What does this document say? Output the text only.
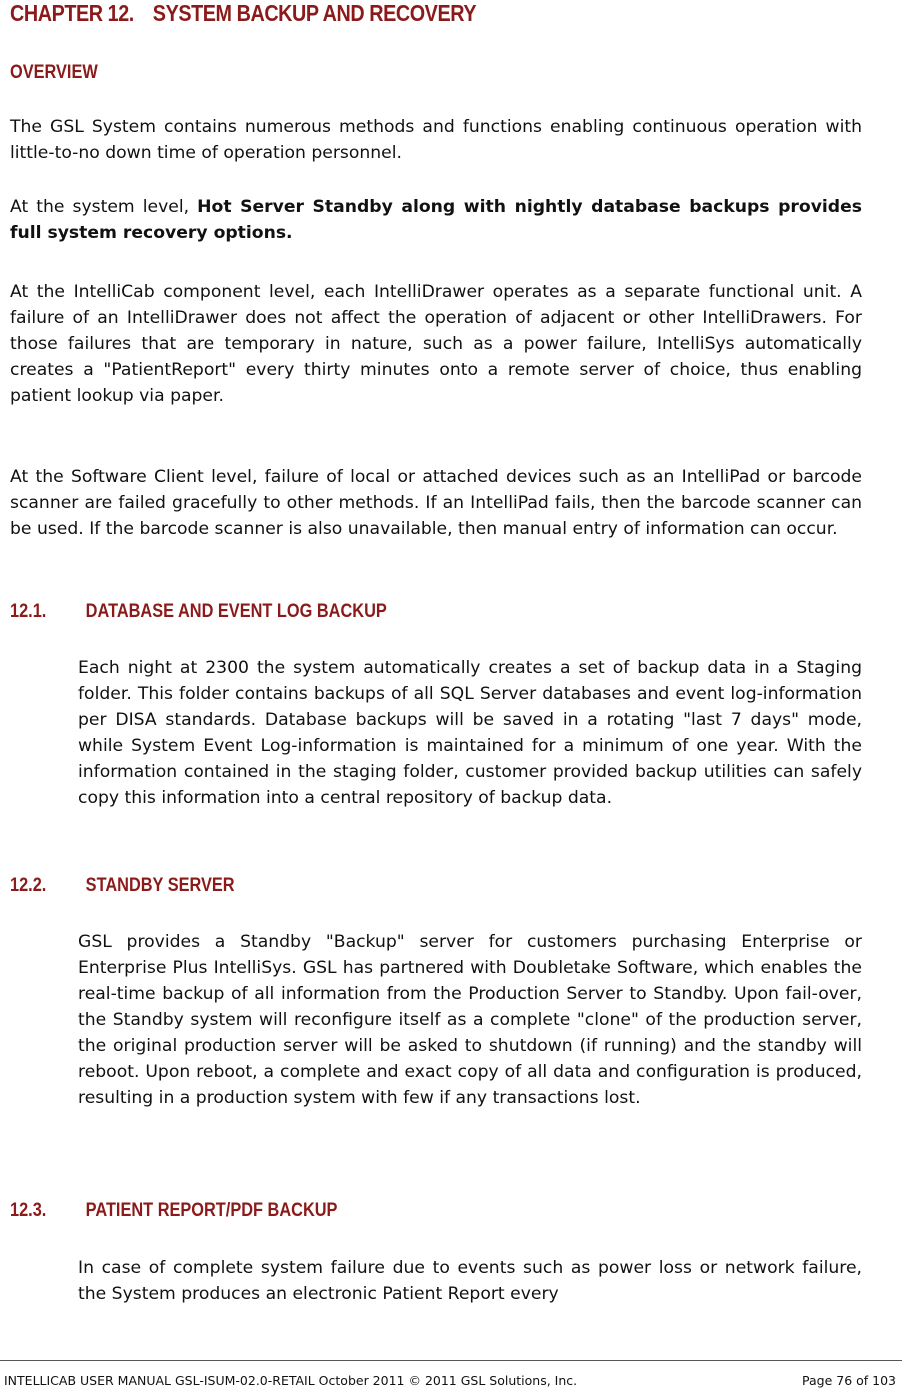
CHAPTER 12. SYSTEM BACKUP AND RECOVERY
OVERVIEW

The GSL System contains numerous methods and functions enabling continuous operation with little-to-no down time of operation personnel.

At the system level, Hot Server Standby along with nightly database backups provides full system recovery options.

At the IntelliCab component level, each IntelliDrawer operates as a separate functional unit. A failure of an IntelliDrawer does not affect the operation of adjacent or other IntelliDrawers. For those failures that are temporary in nature, such as a power failure, IntelliSys automatically creates a "PatientReport" every thirty minutes onto a remote server of choice, thus enabling patient lookup via paper.

At the Software Client level, failure of local or attached devices such as an IntelliPad or barcode scanner are failed gracefully to other methods. If an IntelliPad fails, then the barcode scanner can be used. If the barcode scanner is also unavailable, then manual entry of information can occur.

12.1. DATABASE AND EVENT LOG BACKUP

Each night at 2300 the system automatically creates a set of backup data in a Staging folder. This folder contains backups of all SQL Server databases and event log-information per DISA standards. Database backups will be saved in a rotating "last 7 days" mode, while System Event Log-information is maintained for a minimum of one year. With the information contained in the staging folder, customer provided backup utilities can safely copy this information into a central repository of backup data.

12.2. STANDBY SERVER

GSL provides a Standby "Backup" server for customers purchasing Enterprise or Enterprise Plus IntelliSys. GSL has partnered with Doubletake Software, which enables the real-time backup of all information from the Production Server to Standby. Upon fail-over, the Standby system will reconfigure itself as a complete "clone" of the production server, the original production server will be asked to shutdown (if running) and the standby will reboot. Upon reboot, a complete and exact copy of all data and configuration is produced, resulting in a production system with few if any transactions lost.

12.3. PATIENT REPORT/PDF BACKUP

In case of complete system failure due to events such as power loss or network failure, the System produces an electronic Patient Report every

INTELLICAB USER MANUAL GSL-ISUM-02.0-RETAIL October 2011 © 2011 GSL Solutions, Inc.	Page 76 of 103
